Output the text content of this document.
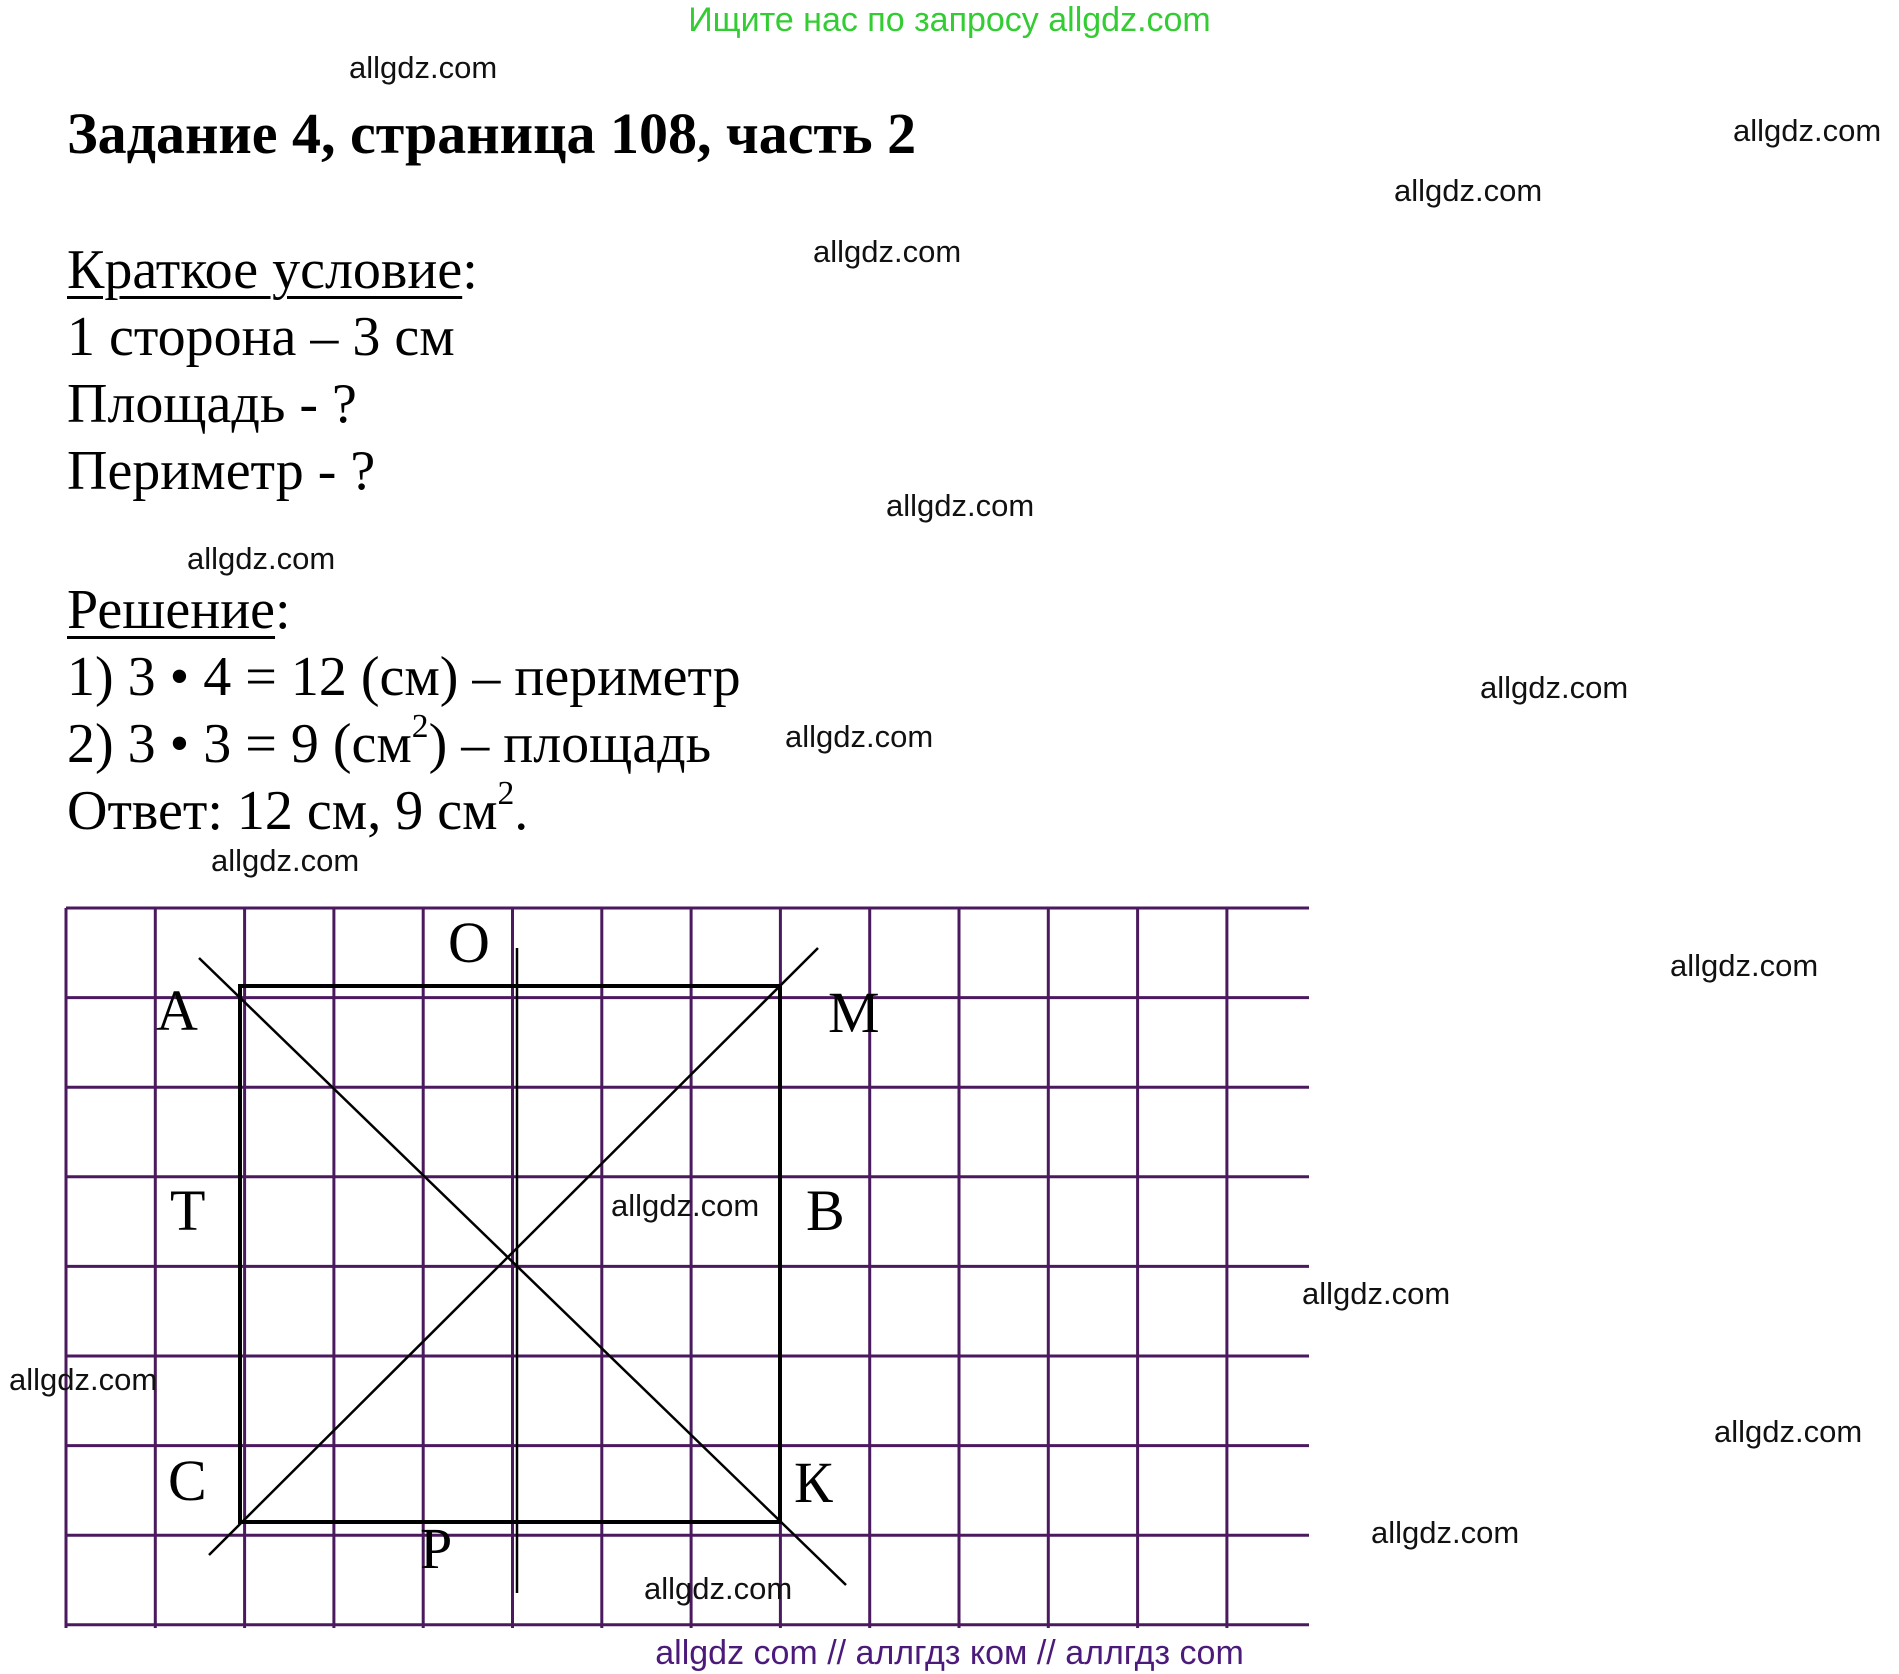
Ищите нас по запросу allgdz.com
Задание 4, страница 108, часть 2
Краткое условие:
1 сторона – 3 см
Площадь - ?
Периметр - ?
Решение:
1) 3 • 4 = 12 (см) – периметр
2) 3 • 3 = 9 $(см^2)$ – площадь
Ответ: 12 см, 9 $см^2$.
О
А	М
Т	В
С	К
Р
allgdz.com
allgdz.com
allgdz.com
allgdz.com
allgdz.com
allgdz.com
allgdz.com
allgdz.com
allgdz.com
allgdz.com
allgdz.com
allgdz.com
allgdz.com
allgdz.com
allgdz.com
allgdz.com
allgdz com // аллгдз ком // аллгдз com
